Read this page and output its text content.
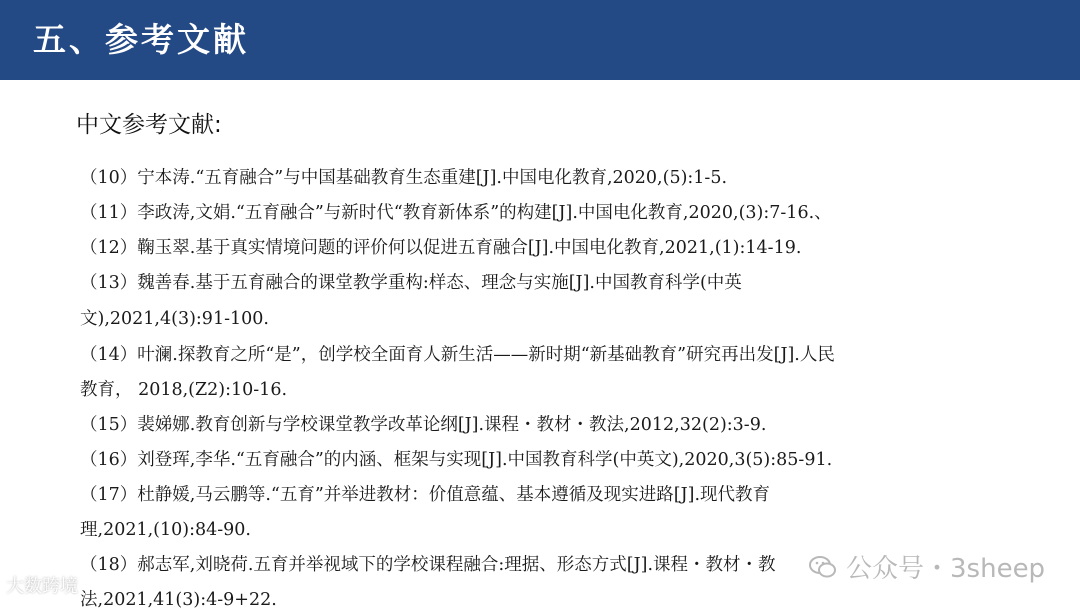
五、参考文献
中文参考文献:
（10）宁本涛.“五育融合”与中国基础教育生态重建[J].中国电化教育,2020,(5):1-5.
（11）李政涛,文娟.“五育融合”与新时代“教育新体系”的构建[J].中国电化教育,2020,(3):7-16.、
（12）鞠玉翠.基于真实情境问题的评价何以促进五育融合[J].中国电化教育,2021,(1):14-19.
（13）魏善春.基于五育融合的课堂教学重构:样态、理念与实施[J].中国教育科学(中英
文),2021,4(3):91-100.
（14）叶澜.探教育之所“是”，创学校全面育人新生活——新时期“新基础教育”研究再出发[J].人民
教育， 2018,(Z2):10-16.
（15）裴娣娜.教育创新与学校课堂教学改革论纲[J].课程・教材・教法,2012,32(2):3-9.
（16）刘登珲,李华.“五育融合”的内涵、框架与实现[J].中国教育科学(中英文),2020,3(5):85-91.
（17）杜静媛,马云鹏等.“五育”并举进教材：价值意蕴、基本遵循及现实进路[J].现代教育
理,2021,(10):84-90.
（18）郝志军,刘晓荷.五育并举视域下的学校课程融合:理据、形态方式[J].课程・教材・教
法,2021,41(3):4-9+22.
大数跨境
公众号・3sheep
